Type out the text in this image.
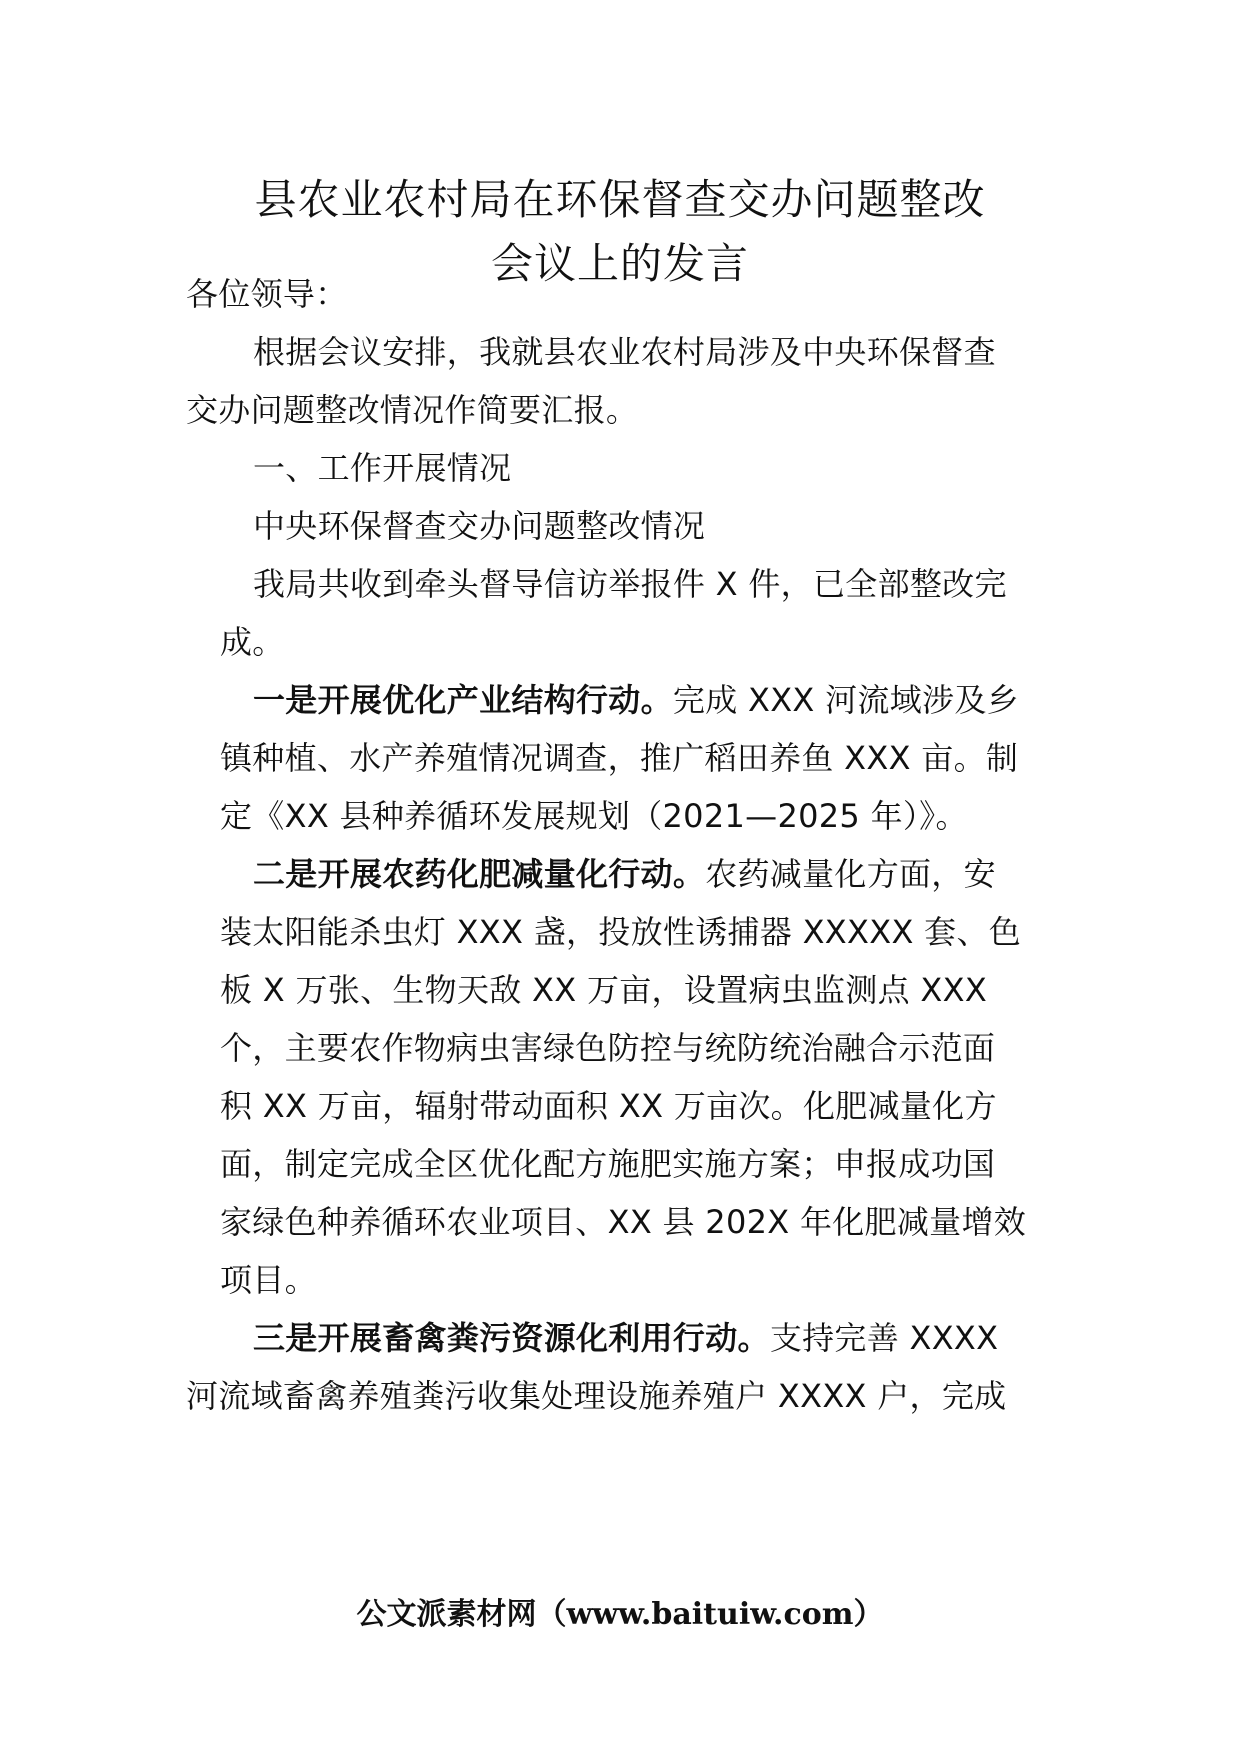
县农业农村局在环保督查交办问题整改
会议上的发言
各位领导：
根据会议安排，我就县农业农村局涉及中央环保督查
交办问题整改情况作简要汇报。
一、工作开展情况
中央环保督查交办问题整改情况
我局共收到牵头督导信访举报件 X 件，已全部整改完
成。
一是开展优化产业结构行动。完成 XXX 河流域涉及乡
镇种植、水产养殖情况调查，推广稻田养鱼 XXX 亩。制
定《XX 县种养循环发展规划（2021—2025 年）》。
二是开展农药化肥减量化行动。农药减量化方面，安
装太阳能杀虫灯 XXX 盏，投放性诱捕器 XXXXX 套、色
板 X 万张、生物天敌 XX 万亩，设置病虫监测点 XXX
个，主要农作物病虫害绿色防控与统防统治融合示范面
积 XX 万亩，辐射带动面积 XX 万亩次。化肥减量化方
面，制定完成全区优化配方施肥实施方案；申报成功国
家绿色种养循环农业项目、XX 县 202X 年化肥减量增效
项目。
三是开展畜禽粪污资源化利用行动。支持完善 XXXX
河流域畜禽养殖粪污收集处理设施养殖户 XXXX 户，完成
公文派素材网（www.baituiw.com）
